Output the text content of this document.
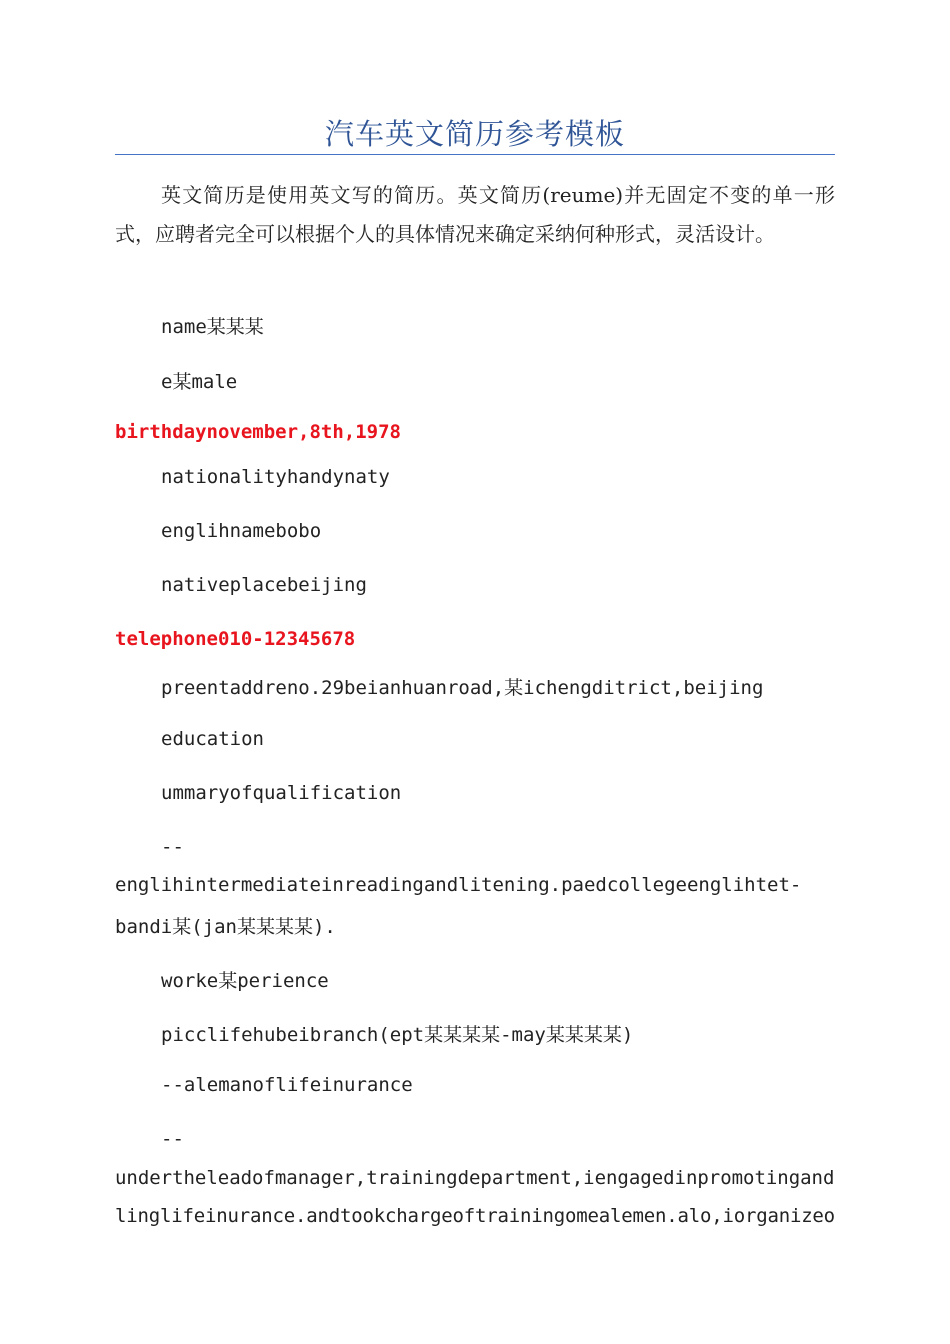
汽车英文简历参考模板
英文简历是使用英文写的简历。英文简历(reume)并无固定不变的单一形式，应聘者完全可以根据个人的具体情况来确定采纳何种形式，灵活设计。
name某某某
e某male
birthdaynovember,8th,1978
nationalityhandynaty
englihnamebobo
nativeplacebeijing
telephone010-12345678
preentaddreno.29beianhuanroad,某ichengditrict,beijing
education
ummaryofqualification
--
englihintermediateinreadingandlitening.paedcollegeenglihtet-
bandi某(jan某某某某).
worke某perience
picclifehubeibranch(ept某某某某-may某某某某)
--alemanoflifeinurance
--
undertheleadofmanager,trainingdepartment,iengagedinpromotingand
linglifeinurance.andtookchargeoftrainingomealemen.alo,iorganizeo
